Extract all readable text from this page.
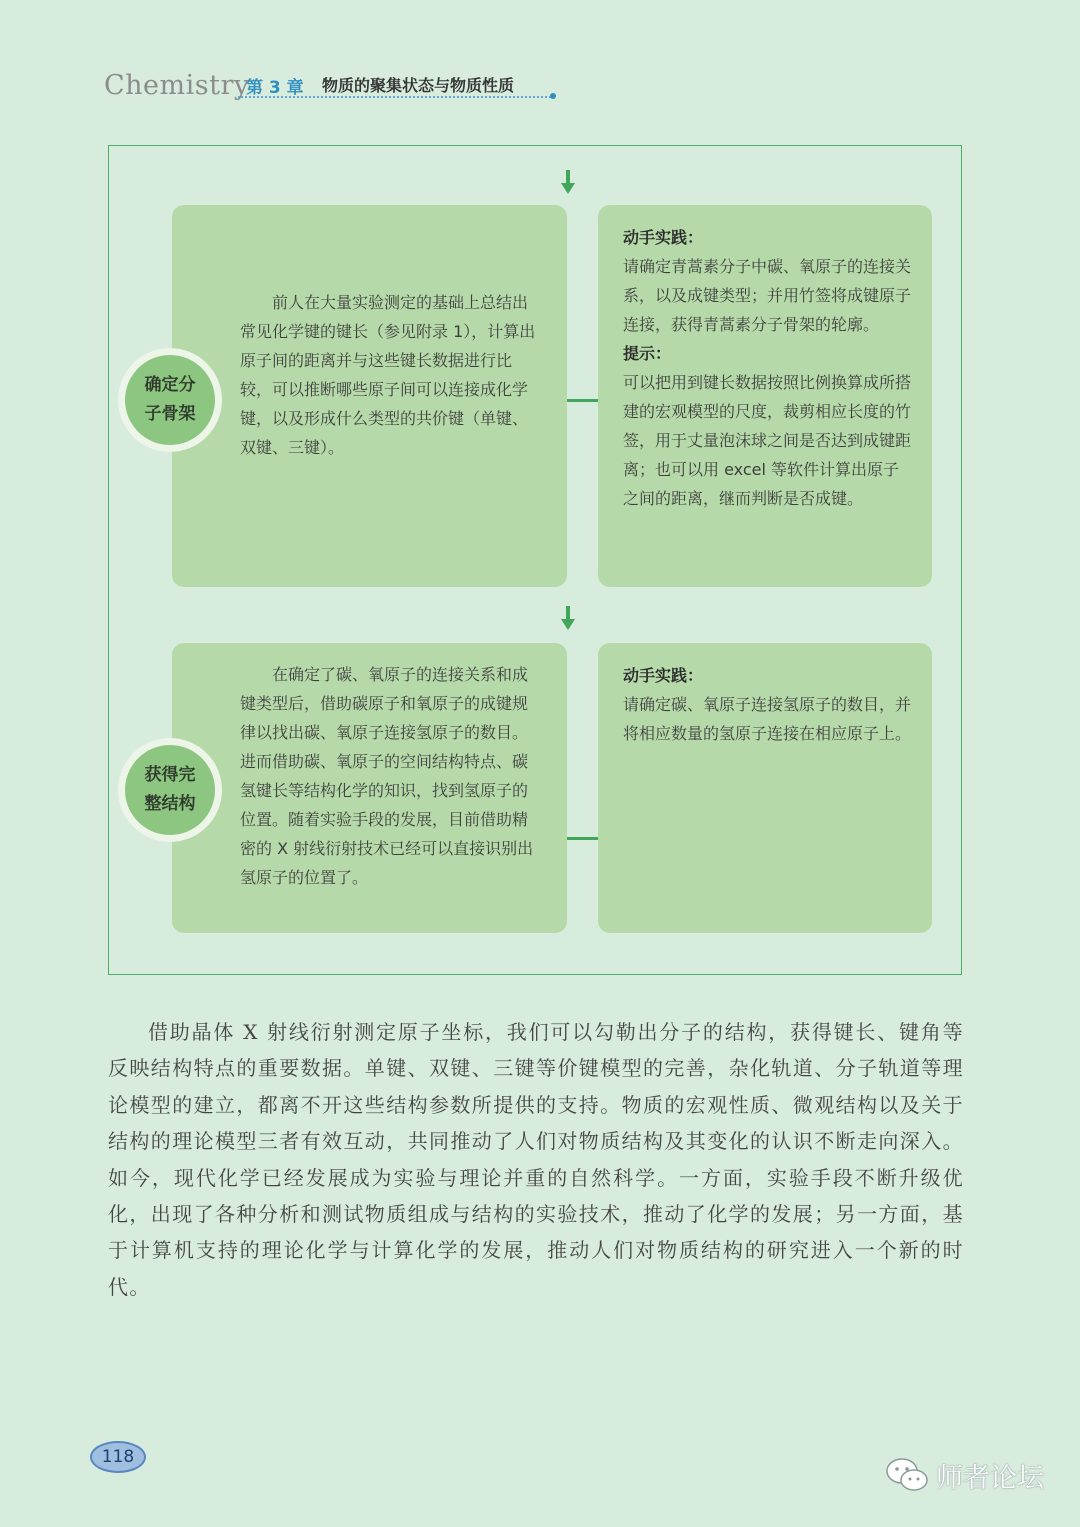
Chemistry
第 3 章 物质的聚集状态与物质性质
确定分
子骨架

前人在大量实验测定的基础上总结出常见化学键的键长（参见附录 1），计算出原子间的距离并与这些键长数据进行比较，可以推断哪些原子间可以连接成化学键，以及形成什么类型的共价键（单键、双键、三键）。

动手实践：

请确定青蒿素分子中碳、氧原子的连接关系，以及成键类型；并用竹签将成键原子连接，获得青蒿素分子骨架的轮廓。

提示：

可以把用到键长数据按照比例换算成所搭建的宏观模型的尺度，裁剪相应长度的竹签，用于丈量泡沫球之间是否达到成键距离；也可以用 excel 等软件计算出原子之间的距离，继而判断是否成键。

获得完
整结构

在确定了碳、氧原子的连接关系和成键类型后，借助碳原子和氧原子的成键规律以找出碳、氧原子连接氢原子的数目。进而借助碳、氧原子的空间结构特点、碳氢键长等结构化学的知识，找到氢原子的位置。随着实验手段的发展，目前借助精密的 X 射线衍射技术已经可以直接识别出氢原子的位置了。

动手实践：

请确定碳、氧原子连接氢原子的数目，并将相应数量的氢原子连接在相应原子上。

借助晶体 X 射线衍射测定原子坐标，我们可以勾勒出分子的结构，获得键长、键角等反映结构特点的重要数据。单键、双键、三键等价键模型的完善，杂化轨道、分子轨道等理论模型的建立，都离不开这些结构参数所提供的支持。物质的宏观性质、微观结构以及关于结构的理论模型三者有效互动，共同推动了人们对物质结构及其变化的认识不断走向深入。如今，现代化学已经发展成为实验与理论并重的自然科学。一方面，实验手段不断升级优化，出现了各种分析和测试物质组成与结构的实验技术，推动了化学的发展；另一方面，基于计算机支持的理论化学与计算化学的发展，推动人们对物质结构的研究进入一个新的时代。

118
师者论坛
